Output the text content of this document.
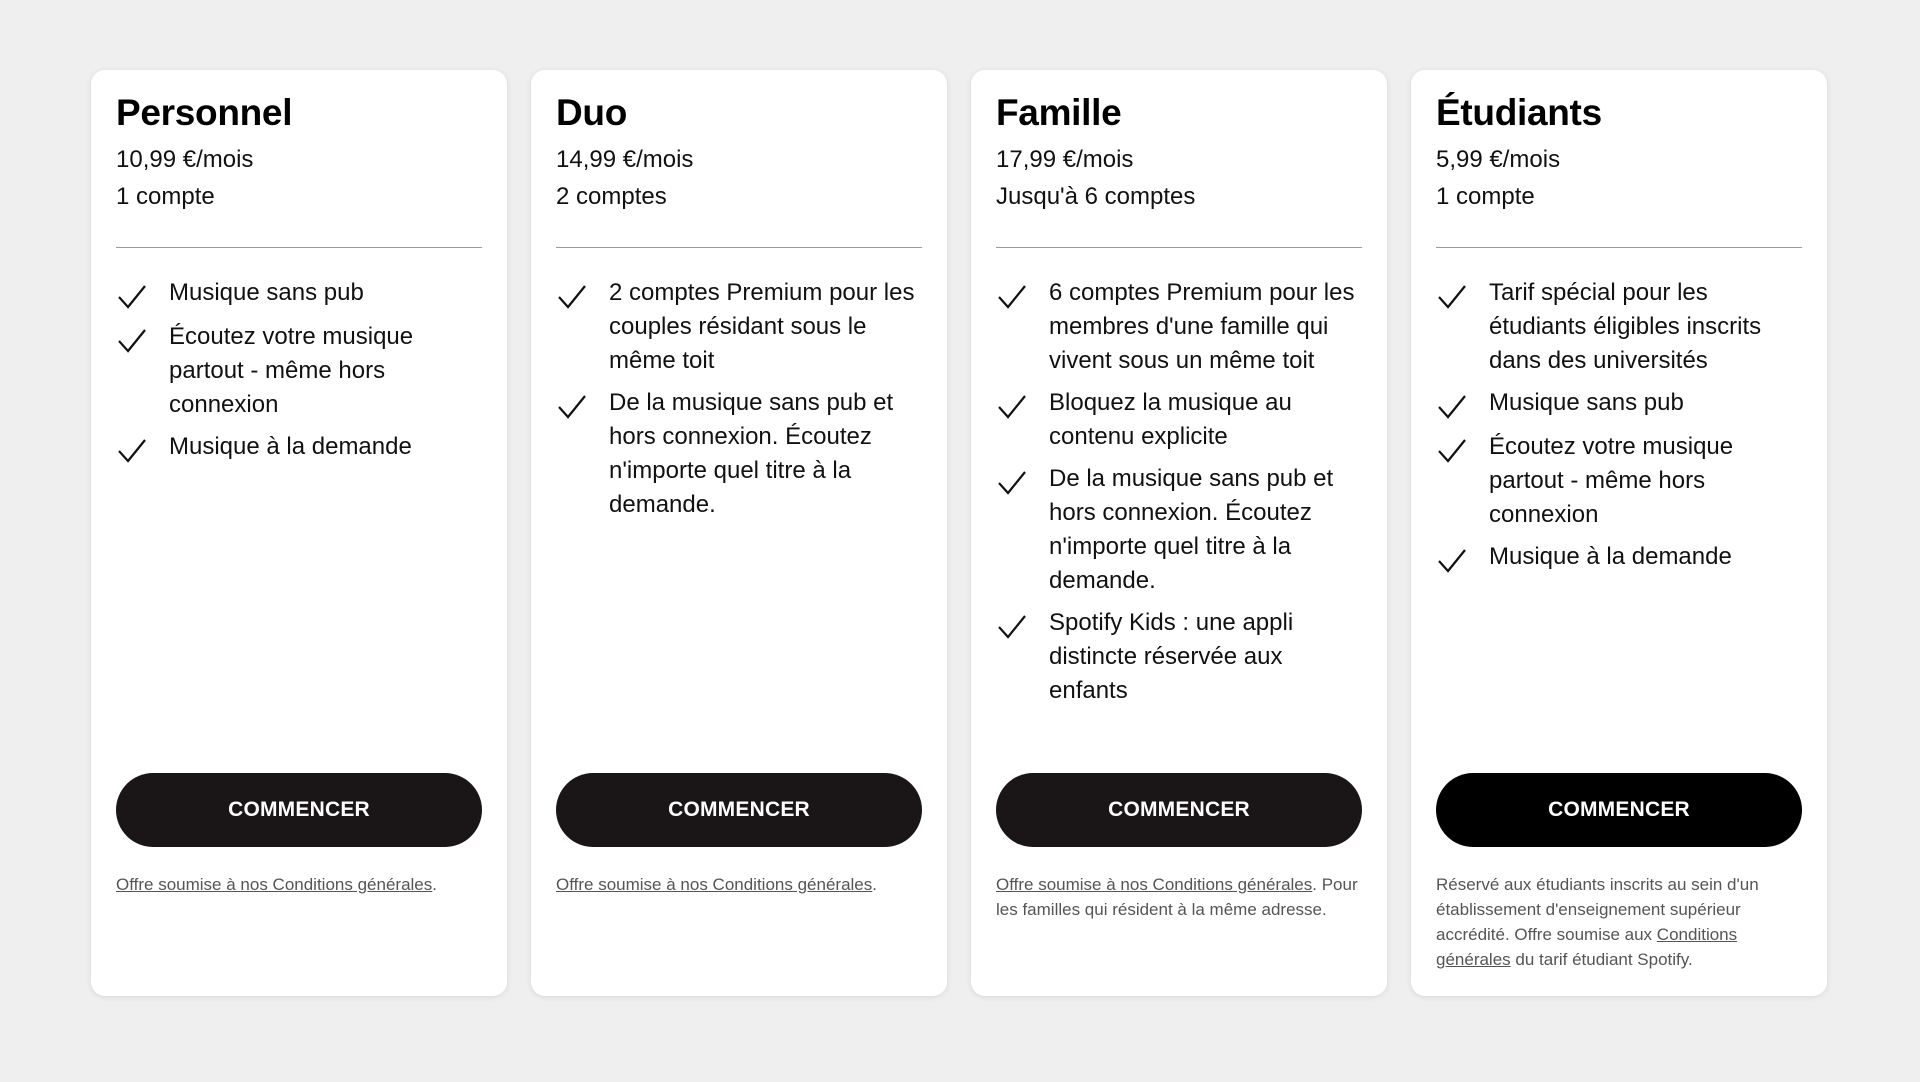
Personnel
10,99 €/mois
1 compte
Musique sans pub
Écoutez votre musique partout - même hors connexion
Musique à la demande
COMMENCER
Offre soumise à nos Conditions générales.
Duo
14,99 €/mois
2 comptes
2 comptes Premium pour les couples résidant sous le même toit
De la musique sans pub et hors connexion. Écoutez n'importe quel titre à la demande.
COMMENCER
Offre soumise à nos Conditions générales.
Famille
17,99 €/mois
Jusqu'à 6 comptes
6 comptes Premium pour les membres d'une famille qui vivent sous un même toit
Bloquez la musique au contenu explicite
De la musique sans pub et hors connexion. Écoutez n'importe quel titre à la demande.
Spotify Kids : une appli distincte réservée aux enfants
COMMENCER
Offre soumise à nos Conditions générales. Pour les familles qui résident à la même adresse.
Étudiants
5,99 €/mois
1 compte
Tarif spécial pour les étudiants éligibles inscrits dans des universités
Musique sans pub
Écoutez votre musique partout - même hors connexion
Musique à la demande
COMMENCER
Réservé aux étudiants inscrits au sein d'un établissement d'enseignement supérieur accrédité. Offre soumise aux Conditions générales du tarif étudiant Spotify.
